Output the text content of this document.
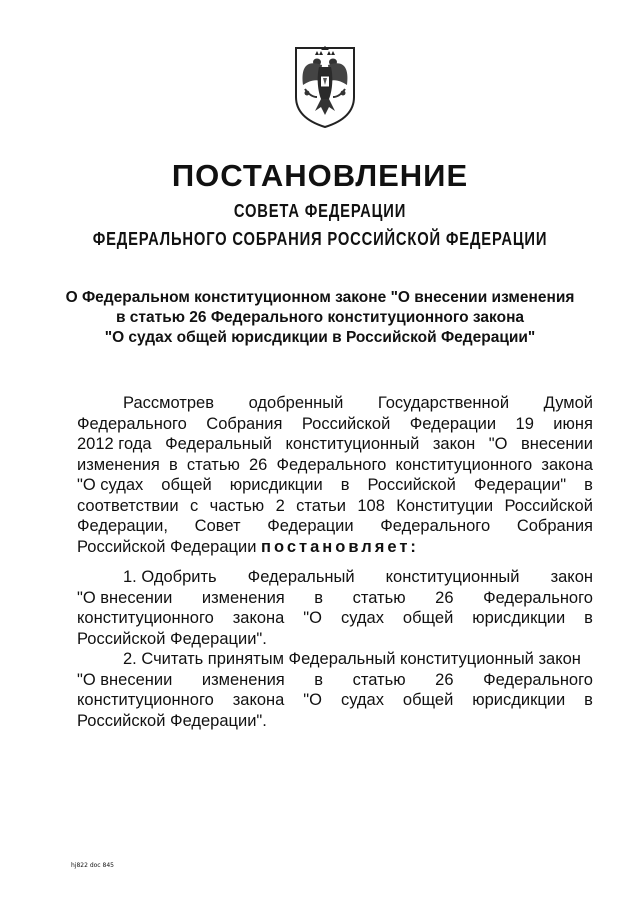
ПОСТАНОВЛЕНИЕ
СОВЕТА ФЕДЕРАЦИИ
ФЕДЕРАЛЬНОГО СОБРАНИЯ РОССИЙСКОЙ ФЕДЕРАЦИИ
О Федеральном конституционном законе "О внесении изменения
в статью 26 Федерального конституционного закона
"О судах общей юрисдикции в Российской Федерации"
Рассмотрев одобренный Государственной Думой
Федерального Собрания Российской Федерации 19 июня
2012 года Федеральный конституционный закон "О внесении
изменения в статью 26 Федерального конституционного закона
"О судах общей юрисдикции в Российской Федерации" в
соответствии с частью 2 статьи 108 Конституции Российской
Федерации, Совет Федерации Федерального Собрания
Российской Федерации постановляет:
1. Одобрить Федеральный конституционный закон
"О внесении изменения в статью 26 Федерального
конституционного закона "О судах общей юрисдикции в
Российской Федерации".
2. Считать принятым Федеральный конституционный закон
"О внесении изменения в статью 26 Федерального
конституционного закона "О судах общей юрисдикции в
Российской Федерации".
hj822 doc 845
